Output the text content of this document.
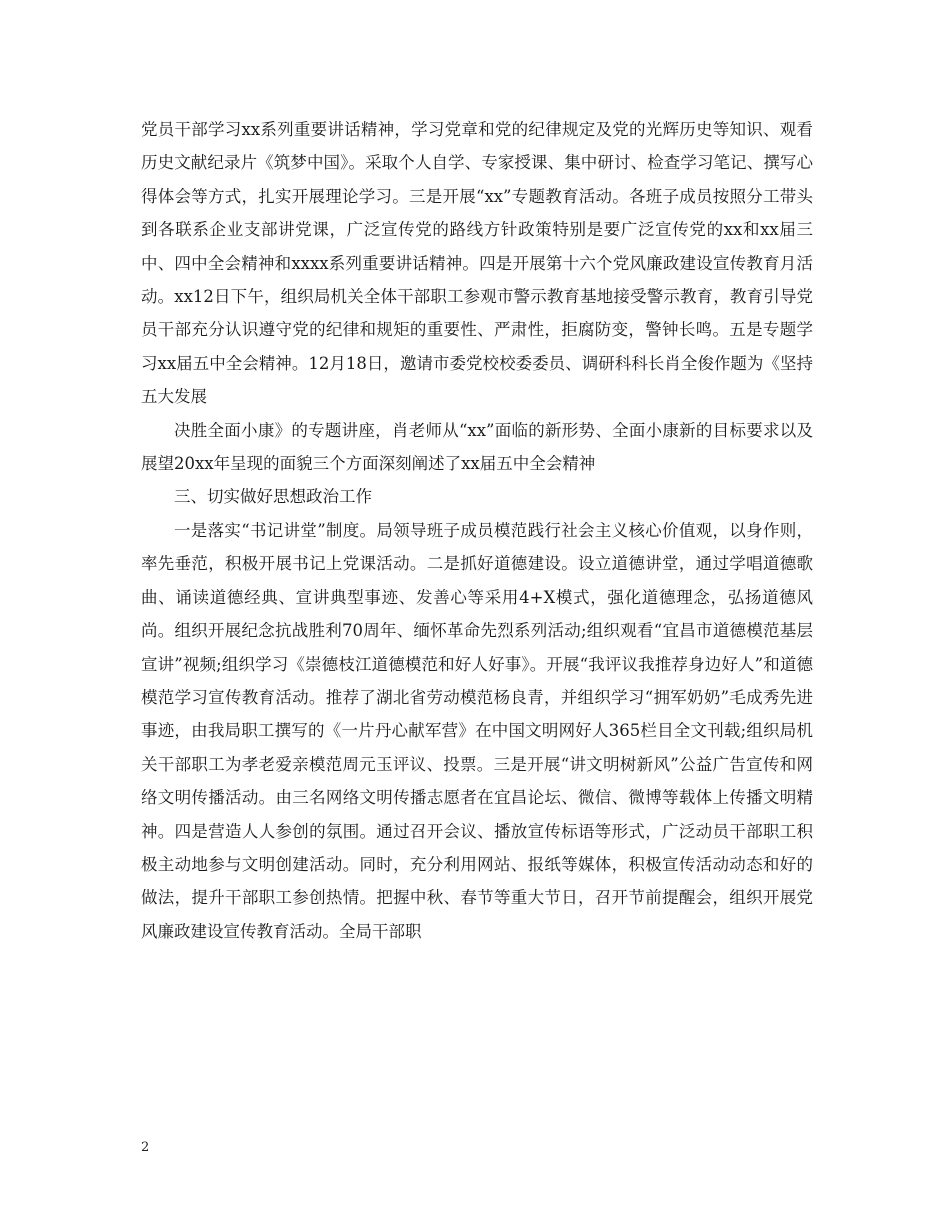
党员干部学习xx系列重要讲话精神，学习党章和党的纪律规定及党的光辉历史等知识、观看历史文献纪录片《筑梦中国》。采取个人自学、专家授课、集中研讨、检查学习笔记、撰写心得体会等方式，扎实开展理论学习。三是开展“xx”专题教育活动。各班子成员按照分工带头到各联系企业支部讲党课，广泛宣传党的路线方针政策特别是要广泛宣传党的xx和xx届三中、四中全会精神和xxxx系列重要讲话精神。四是开展第十六个党风廉政建设宣传教育月活动。xx12日下午，组织局机关全体干部职工参观市警示教育基地接受警示教育，教育引导党员干部充分认识遵守党的纪律和规矩的重要性、严肃性，拒腐防变，警钟长鸣。五是专题学习xx届五中全会精神。12月18日，邀请市委党校校委委员、调研科科长肖全俊作题为《坚持五大发展

决胜全面小康》的专题讲座，肖老师从“xx”面临的新形势、全面小康新的目标要求以及展望20xx年呈现的面貌三个方面深刻阐述了xx届五中全会精神

三、切实做好思想政治工作

一是落实“书记讲堂”制度。局领导班子成员模范践行社会主义核心价值观，以身作则，率先垂范，积极开展书记上党课活动。二是抓好道德建设。设立道德讲堂，通过学唱道德歌曲、诵读道德经典、宣讲典型事迹、发善心等采用4+X模式，强化道德理念，弘扬道德风尚。组织开展纪念抗战胜利70周年、缅怀革命先烈系列活动;组织观看“宜昌市道德模范基层宣讲”视频;组织学习《崇德枝江道德模范和好人好事》。开展“我评议我推荐身边好人”和道德模范学习宣传教育活动。推荐了湖北省劳动模范杨良青，并组织学习“拥军奶奶”毛成秀先进事迹，由我局职工撰写的《一片丹心献军营》在中国文明网好人365栏目全文刊载;组织局机关干部职工为孝老爱亲模范周元玉评议、投票。三是开展“讲文明树新风”公益广告宣传和网络文明传播活动。由三名网络文明传播志愿者在宜昌论坛、微信、微博等载体上传播文明精神。四是营造人人参创的氛围。通过召开会议、播放宣传标语等形式，广泛动员干部职工积极主动地参与文明创建活动。同时，充分利用网站、报纸等媒体，积极宣传活动动态和好的做法，提升干部职工参创热情。把握中秋、春节等重大节日，召开节前提醒会，组织开展党风廉政建设宣传教育活动。全局干部职

2
